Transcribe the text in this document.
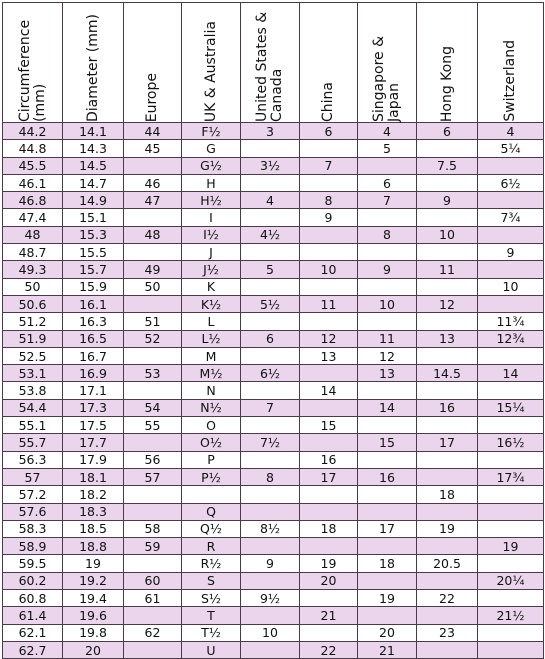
Circumference (mm)	Diameter (mm)	Europe	UK & Australia	United States & Canada	China	Singapore & Japan	Hong Kong	Switzerland

44.2	14.1	44	F½	3	6	4	6	4
44.8	14.3	45	G			5		5¼
45.5	14.5		G½	3½	7		7.5	
46.1	14.7	46	H			6		6½
46.8	14.9	47	H½	4	8	7	9	
47.4	15.1		I		9			7¾
48	15.3	48	I½	4½		8	10	
48.7	15.5		J					9
49.3	15.7	49	J½	5	10	9	11	
50	15.9	50	K					10
50.6	16.1		K½	5½	11	10	12	
51.2	16.3	51	L					11¾
51.9	16.5	52	L½	6	12	11	13	12¾
52.5	16.7		M		13	12		
53.1	16.9	53	M½	6½		13	14.5	14
53.8	17.1		N		14			
54.4	17.3	54	N½	7		14	16	15¼
55.1	17.5	55	O		15			
55.7	17.7		O½	7½		15	17	16½
56.3	17.9	56	P		16			
57	18.1	57	P½	8	17	16		17¾
57.2	18.2						18	
57.6	18.3		Q					
58.3	18.5	58	Q½	8½	18	17	19	
58.9	18.8	59	R					19
59.5	19		R½	9	19	18	20.5	
60.2	19.2	60	S		20			20¼
60.8	19.4	61	S½	9½		19	22	
61.4	19.6		T		21			21½
62.1	19.8	62	T½	10		20	23	
62.7	20		U		22	21		
